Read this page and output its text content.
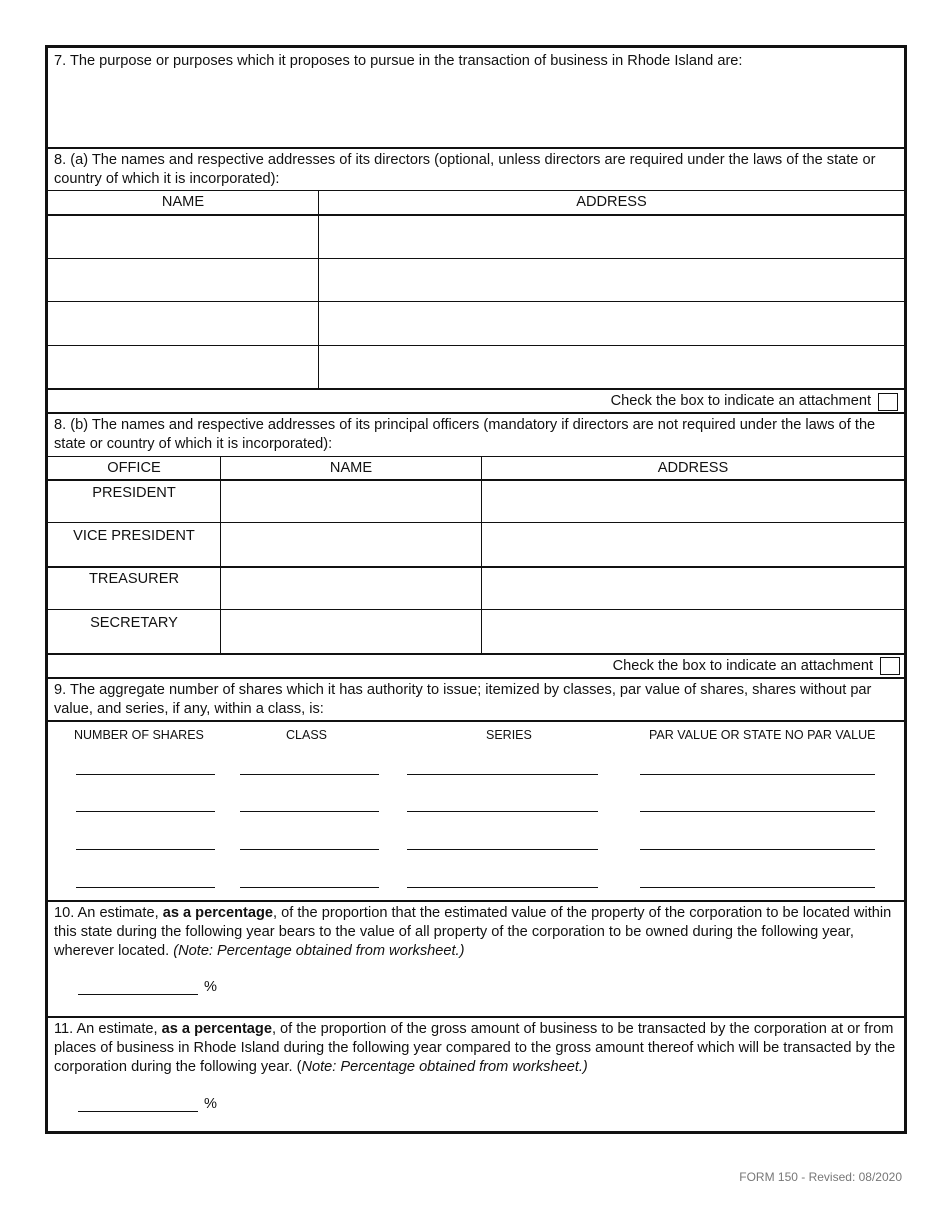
7. The purpose or purposes which it proposes to pursue in the transaction of business in Rhode Island are:
8. (a) The names and respective addresses of its directors (optional, unless directors are required under the laws of the state or country of which it is incorporated):
NAME	ADDRESS
Check the box to indicate an attachment
8. (b) The names and respective addresses of its principal officers (mandatory if directors are not required under the laws of the state or country of which it is incorporated):
OFFICE	NAME	ADDRESS
PRESIDENT
VICE PRESIDENT
TREASURER
SECRETARY
Check the box to indicate an attachment
9. The aggregate number of shares which it has authority to issue; itemized by classes, par value of shares, shares without par value, and series, if any, within a class, is:
NUMBER OF SHARES	CLASS	SERIES	PAR VALUE OR STATE NO PAR VALUE
10. An estimate, as a percentage, of the proportion that the estimated value of the property of the corporation to be located within this state during the following year bears to the value of all property of the corporation to be owned during the following year, wherever located. (Note: Percentage obtained from worksheet.)
%
11. An estimate, as a percentage, of the proportion of the gross amount of business to be transacted by the corporation at or from places of business in Rhode Island during the following year compared to the gross amount thereof which will be transacted by the corporation during the following year. (Note: Percentage obtained from worksheet.)
%
FORM 150 - Revised: 08/2020
